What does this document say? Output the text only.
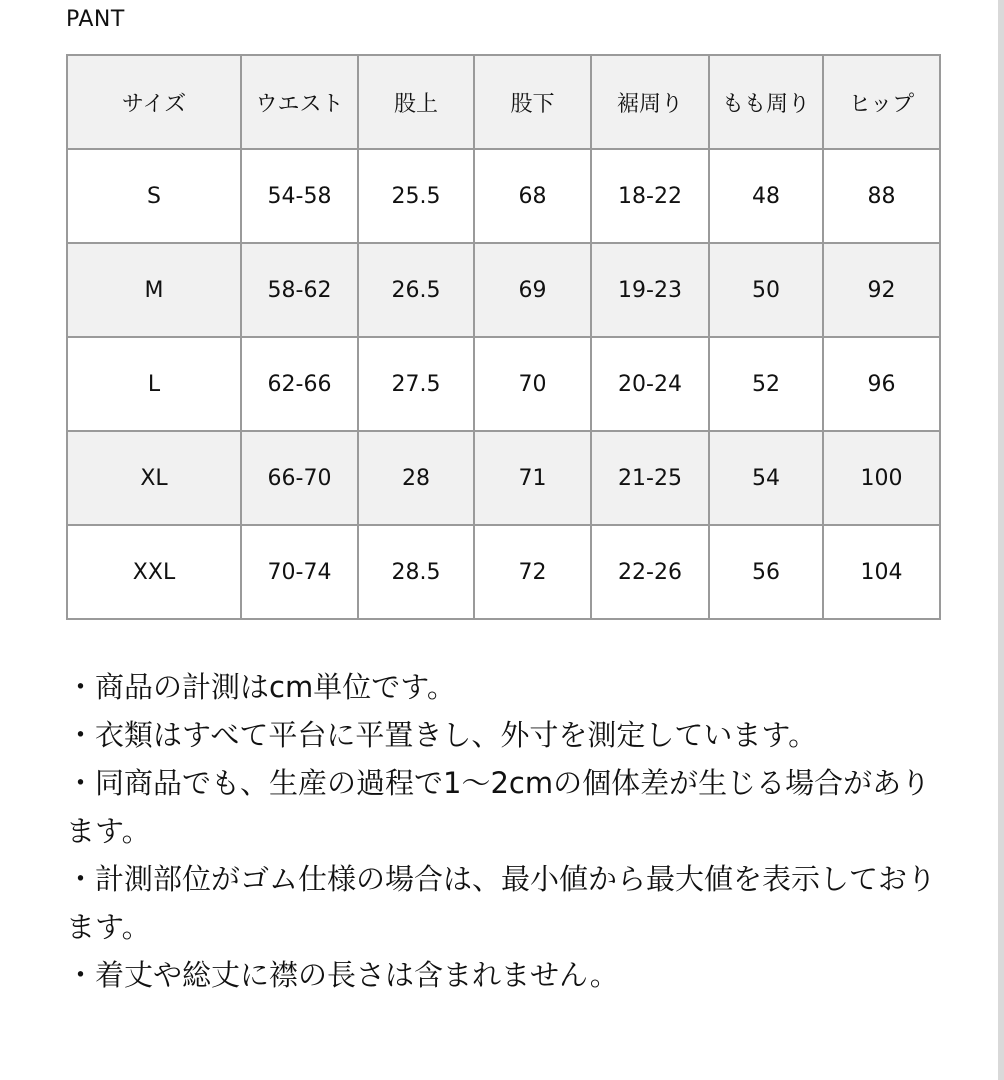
PANT
サイズ	ウエスト	股上	股下	裾周り	もも周り	ヒップ
S	54-58	25.5	68	18-22	48	88
M	58-62	26.5	69	19-23	50	92
L	62-66	27.5	70	20-24	52	96
XL	66-70	28	71	21-25	54	100
XXL	70-74	28.5	72	22-26	56	104
・商品の計測はcm単位です。
・衣類はすべて平台に平置きし、外寸を測定しています。
・同商品でも、生産の過程で1〜2cmの個体差が生じる場合があります。
・計測部位がゴム仕様の場合は、最小値から最大値を表示しております。
・着丈や総丈に襟の長さは含まれません。
